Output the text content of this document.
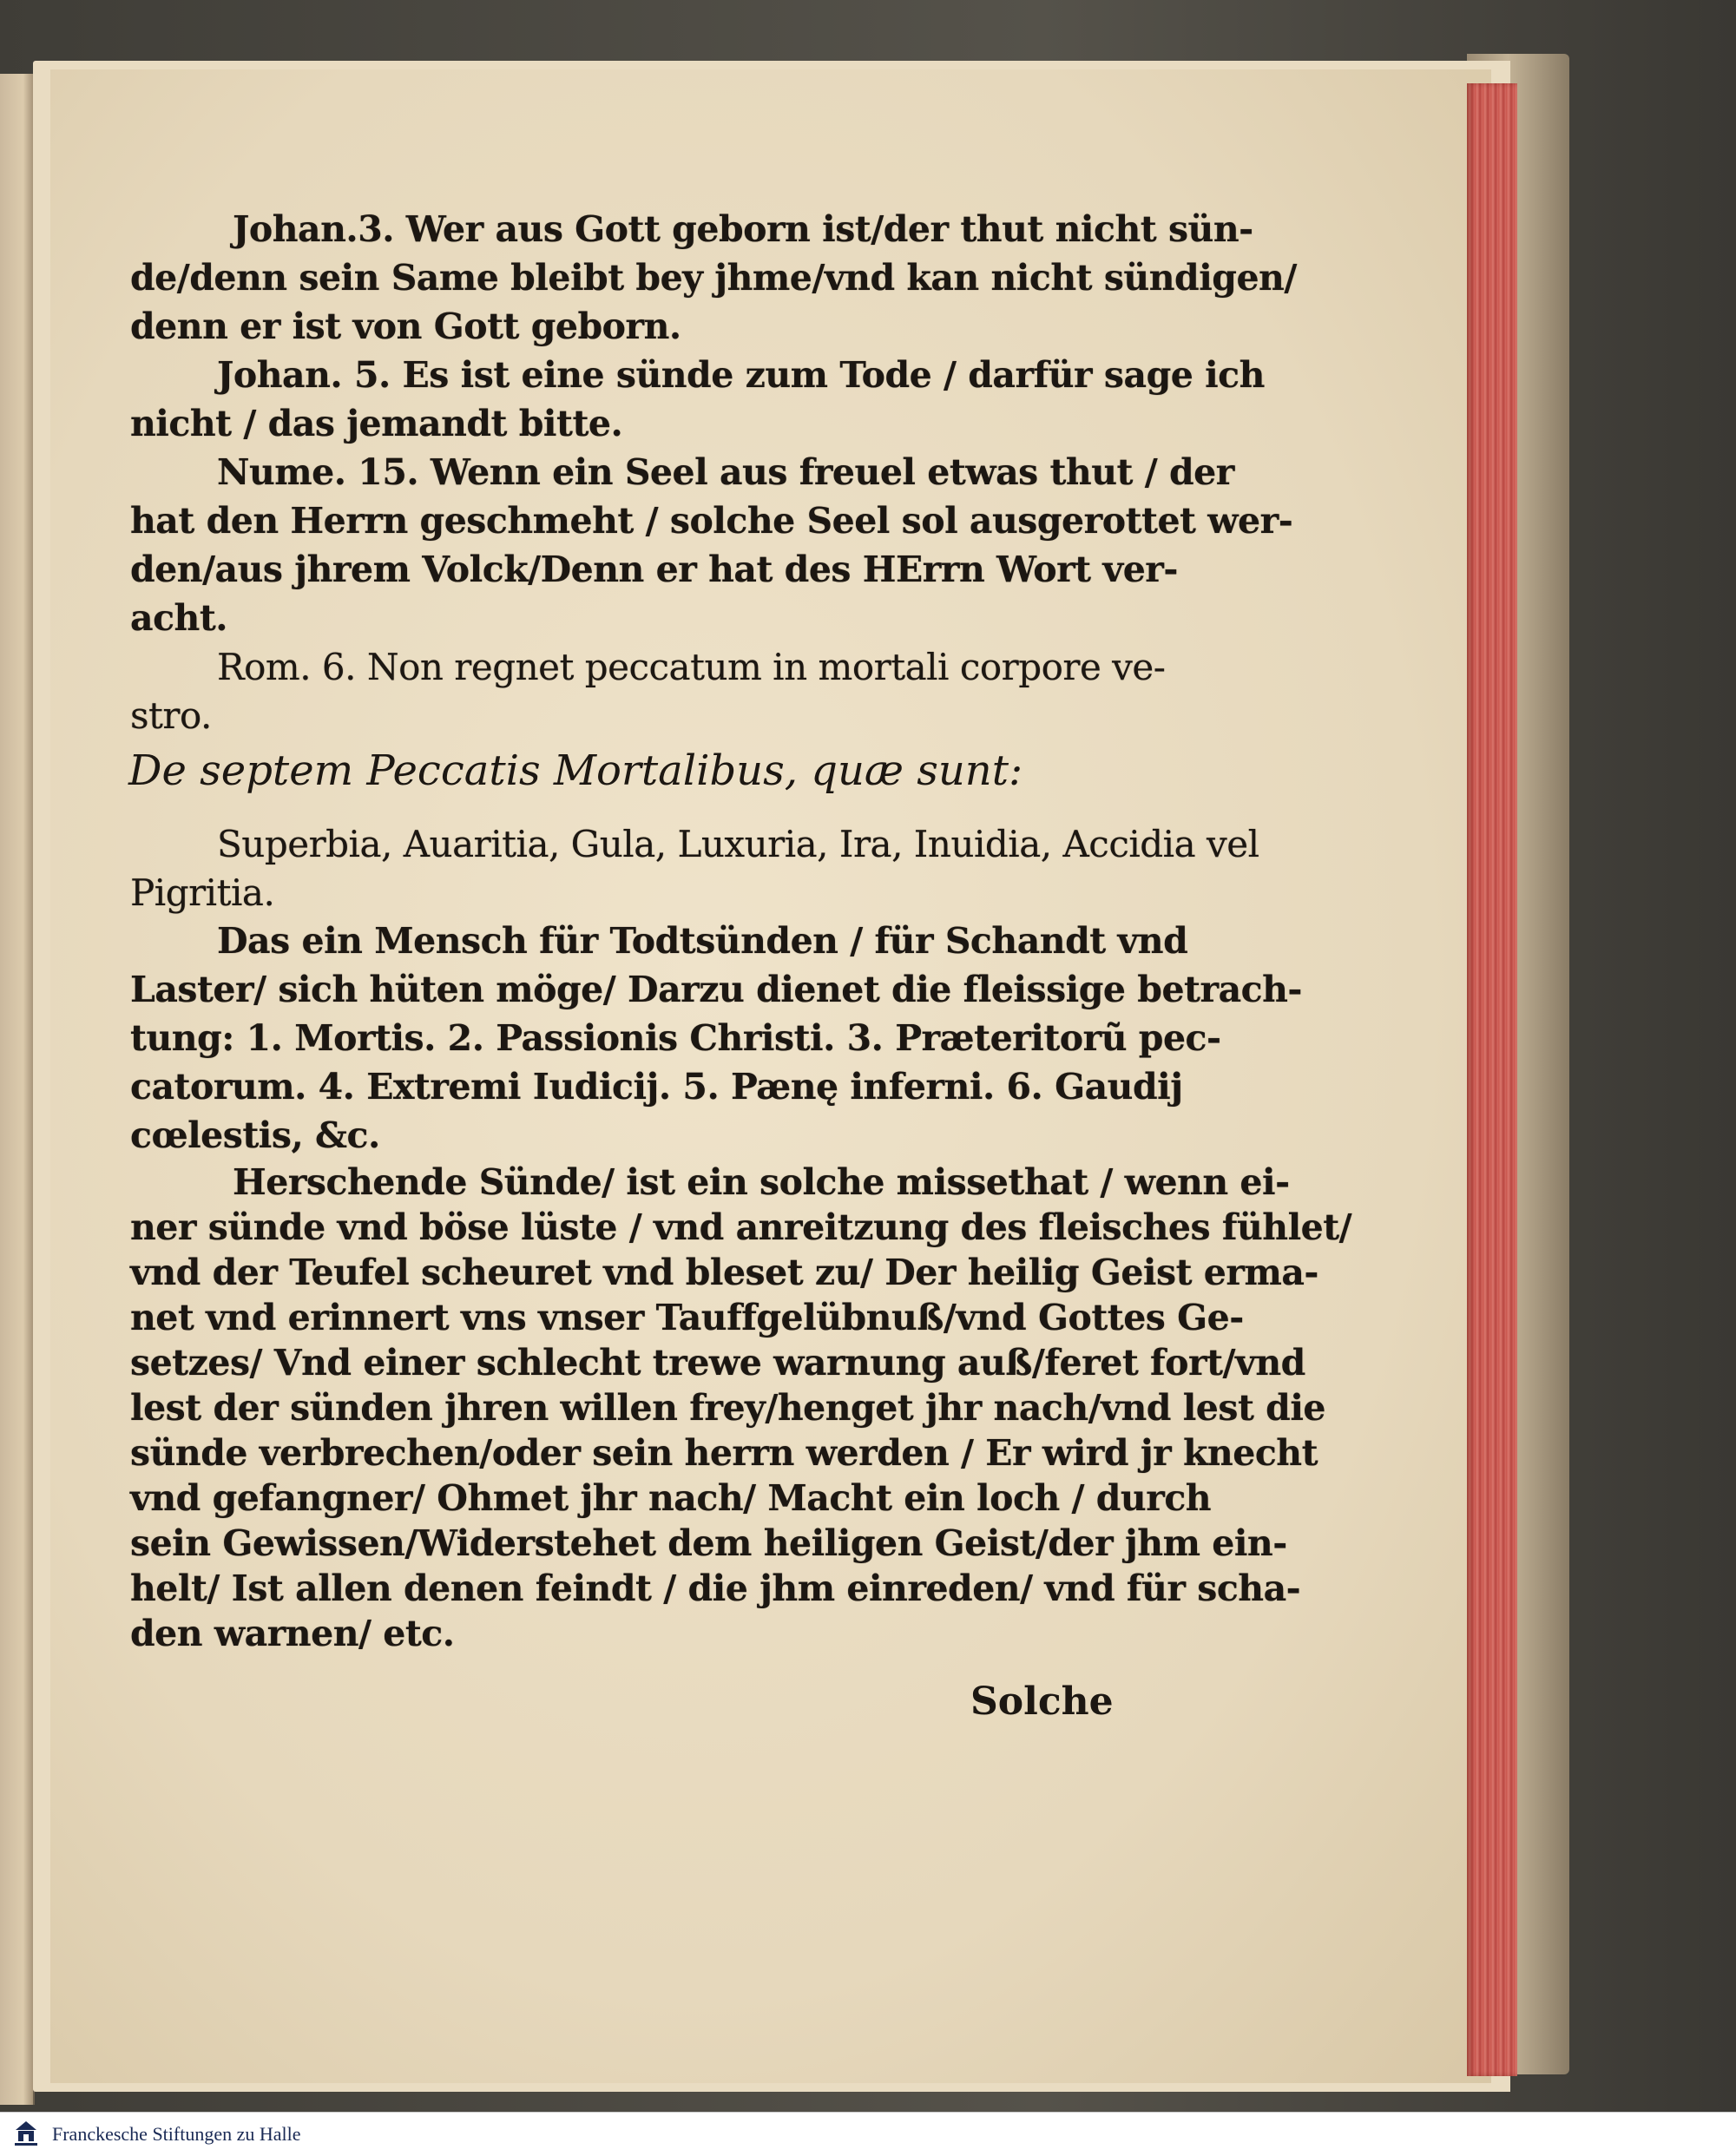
Johan.3. Wer aus Gott geborn ist/der thut nicht sün-
de/denn sein Same bleibt bey jhme/vnd kan nicht sündigen/
denn er ist von Gott geborn.
Johan. 5. Es ist eine sünde zum Tode / darfür sage ich
nicht / das jemandt bitte.
Nume. 15. Wenn ein Seel aus freuel etwas thut / der
hat den Herrn geschmeht / solche Seel sol ausgerottet wer-
den/aus jhrem Volck/Denn er hat des HErrn Wort ver-
acht.
Rom. 6. Non regnet peccatum in mortali corpore ve-
stro.
De septem Peccatis Mortalibus, quæ sunt:
Superbia, Auaritia, Gula, Luxuria, Ira, Inuidia, Accidia vel
Pigritia.
Das ein Mensch für Todtsünden / für Schandt vnd
Laster/ sich hüten möge/ Darzu dienet die fleissige betrach-
tung: 1. Mortis. 2. Passionis Christi. 3. Præteritorũ pec-
catorum. 4. Extremi Iudicij. 5. Pænę inferni. 6. Gaudij
cœlestis, &c.
Herschende Sünde/ ist ein solche missethat / wenn ei-
ner sünde vnd böse lüste / vnd anreitzung des fleisches fühlet/
vnd der Teufel scheuret vnd bleset zu/ Der heilig Geist erma-
net vnd erinnert vns vnser Tauffgelübnuß/vnd Gottes Ge-
setzes/ Vnd einer schlecht trewe warnung auß/feret fort/vnd
lest der sünden jhren willen frey/henget jhr nach/vnd lest die
sünde verbrechen/oder sein herrn werden / Er wird jr knecht
vnd gefangner/ Ohmet jhr nach/ Macht ein loch / durch
sein Gewissen/Widerstehet dem heiligen Geist/der jhm ein-
helt/ Ist allen denen feindt / die jhm einreden/ vnd für scha-
den warnen/ etc.
Solche
Franckesche Stiftungen zu Halle
